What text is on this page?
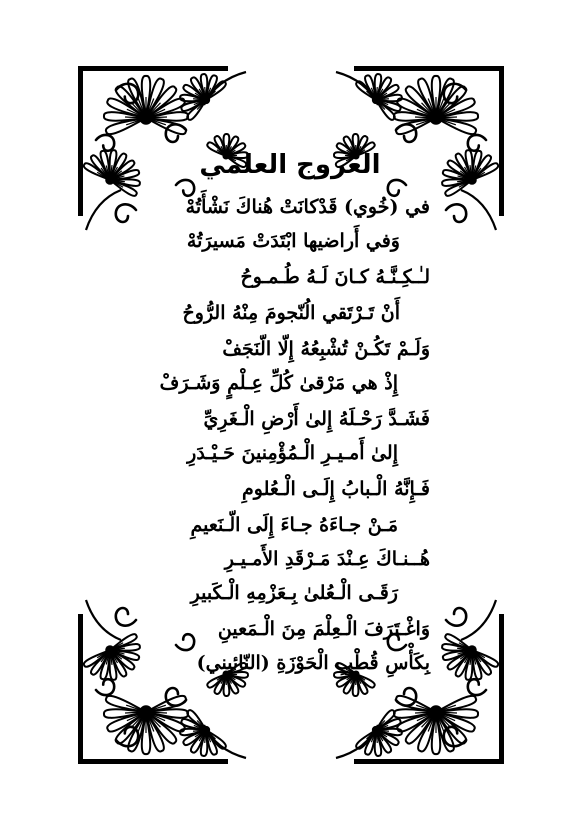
العروج العلمي
في (خُوي) قَدْكانَتْ هُناكَ نَشْأَتُهْ
وَفي أَراضيها ابْتَدَتْ مَسيرَتُهْ
لـٰـكِـنَّـهُ كـانَ لَـهُ طُـمـوحُ
أَنْ تَـرْتَقي الُنّجومَ مِنْهُ الرُّوحُ
وَلَـمْ تَكُـنْ تُشْبِعُهُ إِلّا الّنَجَفْ
إِذْ هي مَرْقىٰ كُلِّ عِـلْمٍ وَشَـرَفْ
فَشَـدَّ رَحْـلَهُ إِلىٰ أَرْضِ الْـغَرِيِّ
إِلىٰ أَمـيـرِ الْـمُؤْمِنينَ حَـيْـدَرِ
فَـإِنَّهُ الْـبابُ إِلَـى الْـعُلومِ
مَـنْ جـاءَهُ جـاءَ إِلَى الّـنَعيمِ
هُــنـاكَ عِـنْدَ مَـرْقَدِ الأَمـيـرِ
رَقَـى الْـعُلىٰ بِـعَزْمِهِ الْـكَبيرِ
وَاغْـتَرَفَ الْـعِلْمَ مِنَ الْـمَعينِ
بِكَأْسِ قُطْبِ الْحَوْزَةِ (النّائيني)
